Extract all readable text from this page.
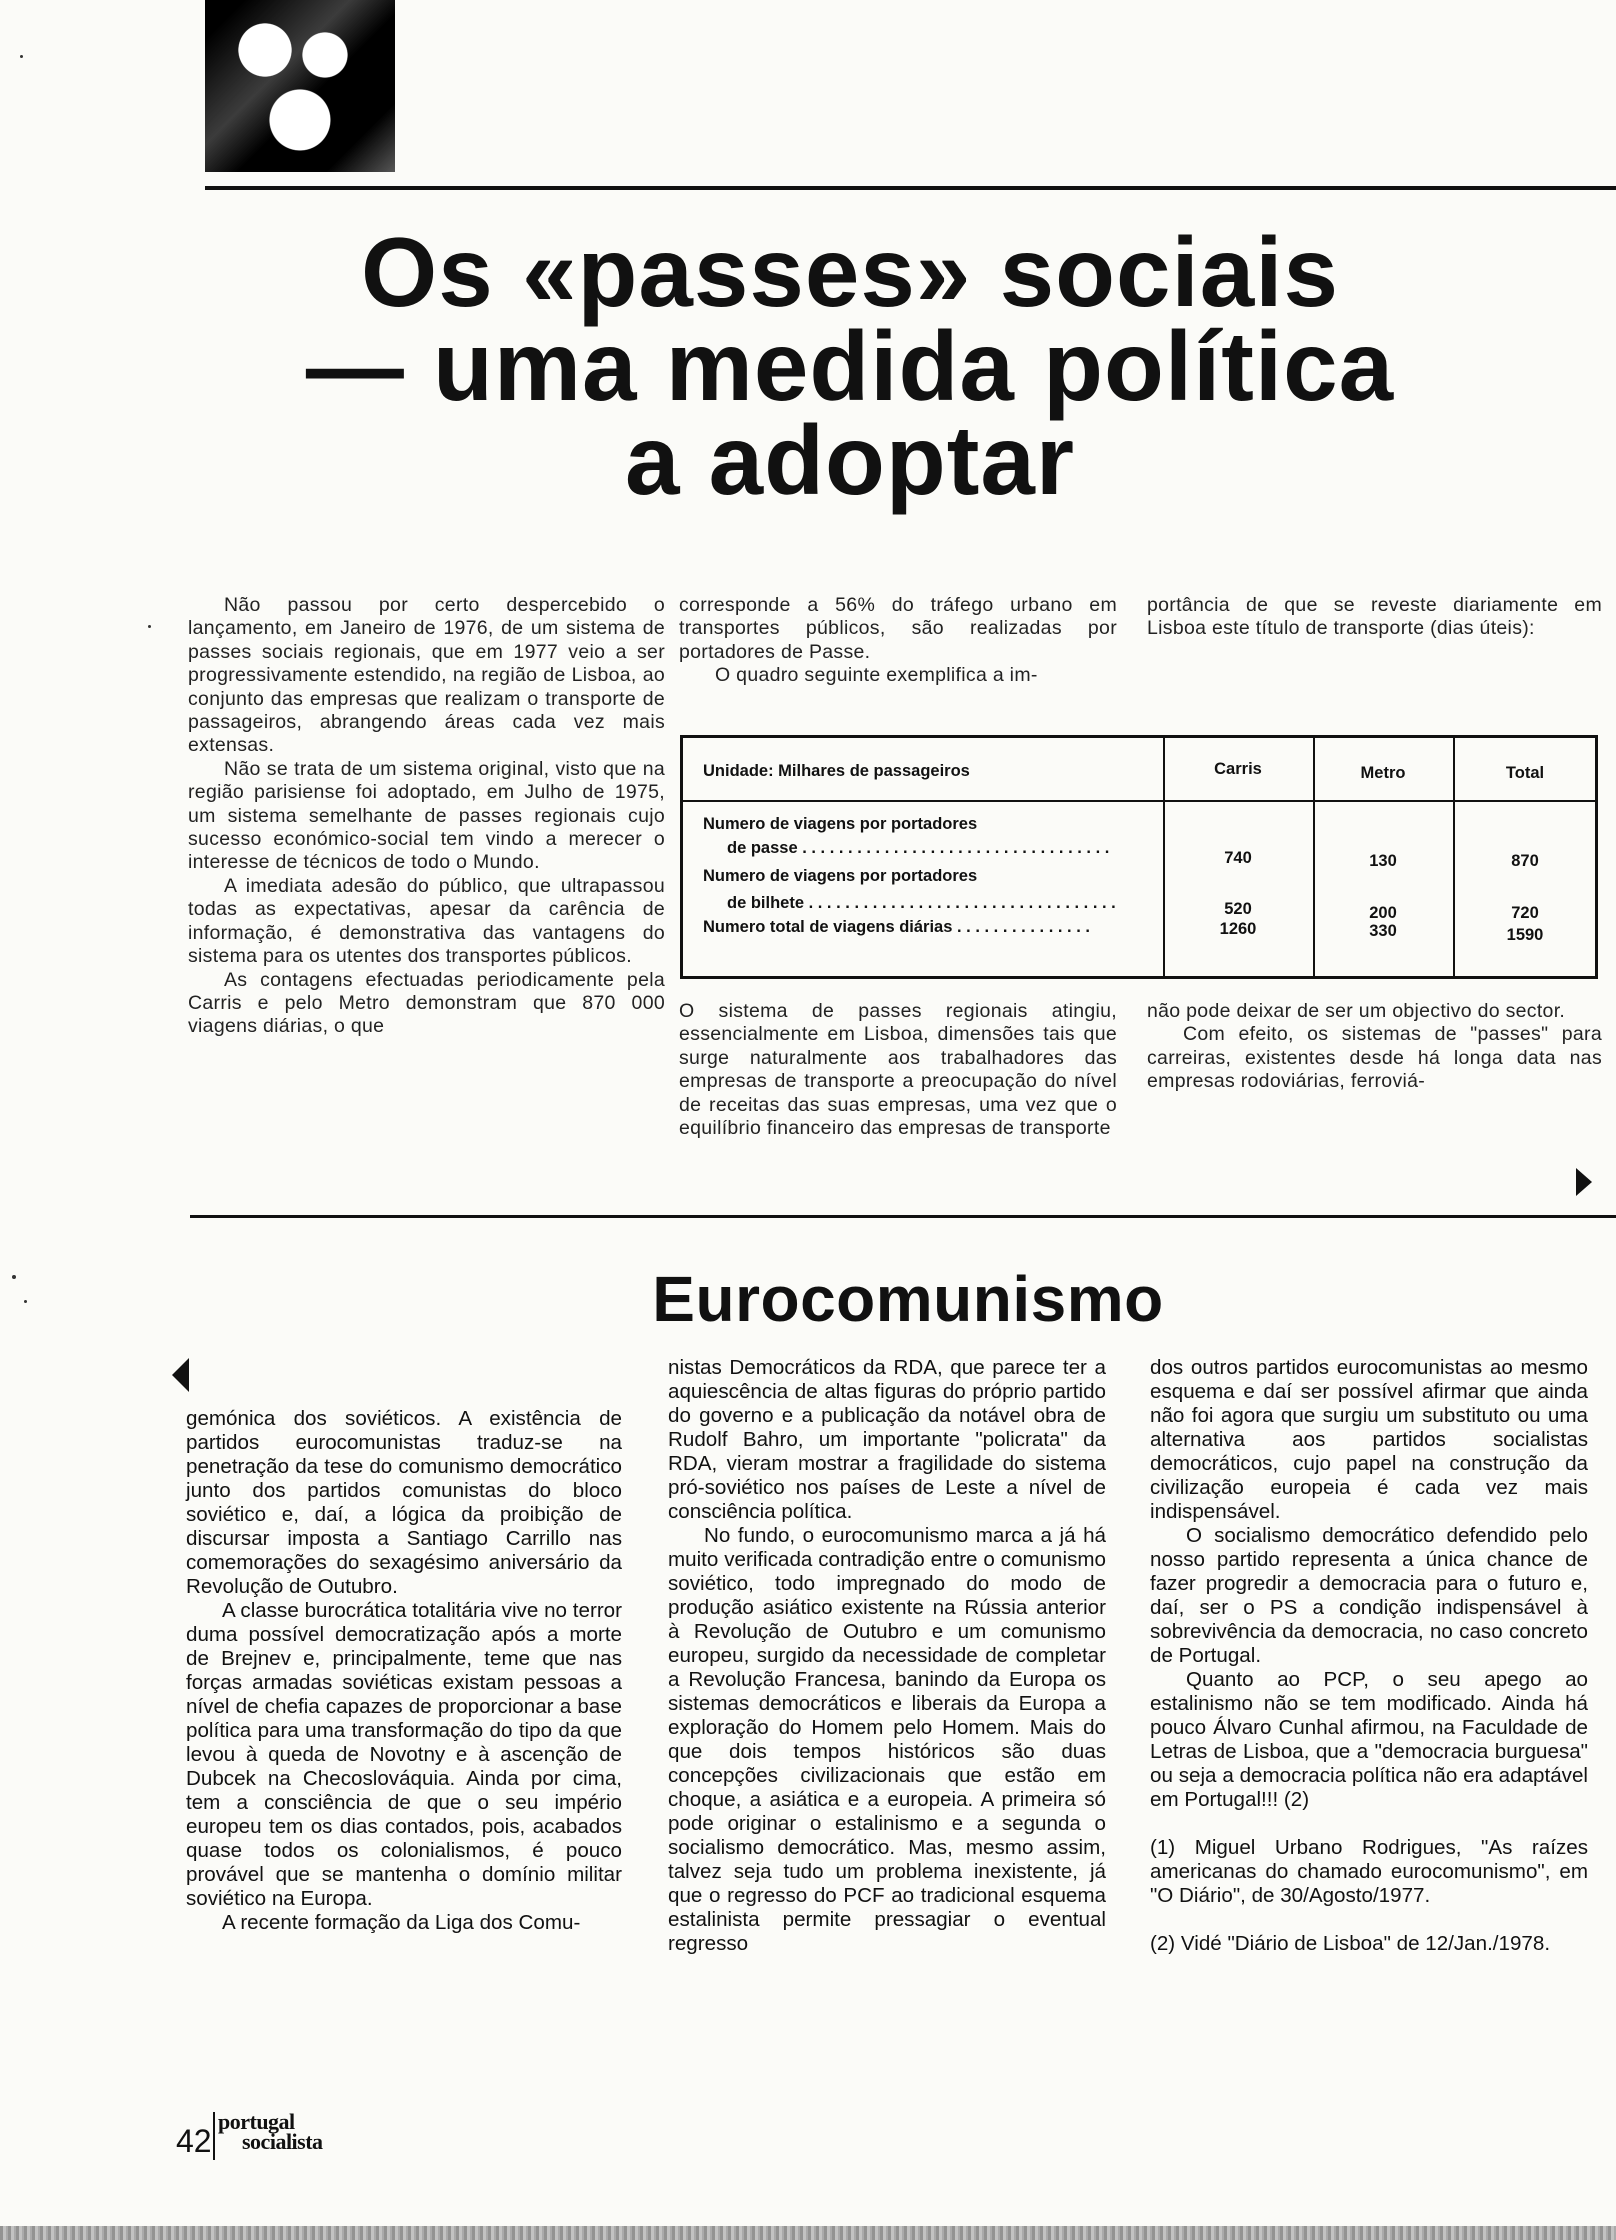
Os «passes» sociais
— uma medida política
a adoptar

Não passou por certo despercebido o lançamento, em Janeiro de 1976, de um sistema de passes sociais regionais, que em 1977 veio a ser progressivamente estendido, na região de Lisboa, ao conjunto das empresas que realizam o transporte de passageiros, abrangendo áreas cada vez mais extensas.

Não se trata de um sistema original, visto que na região parisiense foi adoptado, em Julho de 1975, um sistema semelhante de passes regionais cujo sucesso económico-social tem vindo a merecer o interesse de técnicos de todo o Mundo.

A imediata adesão do público, que ultrapassou todas as expectativas, apesar da carência de informação, é demonstrativa das vantagens do sistema para os utentes dos transportes públicos.

As contagens efectuadas periodicamente pela Carris e pelo Metro demonstram que 870 000 viagens diárias, o que

corresponde a 56% do tráfego urbano em transportes públicos, são realizadas por portadores de Passe.

O quadro seguinte exemplifica a im-

portância de que se reveste diariamente em Lisboa este título de transporte (dias úteis):

Unidade: Milhares de passageiros	Carris	Metro	Total
Numero de viagens por portadores
de passe . . . . . . . . . . . . . . . . . . . . . . . . . . . . . . . . . .
740	130	870
Numero de viagens por portadores
de bilhete . . . . . . . . . . . . . . . . . . . . . . . . . . . . . . . . . .	520	200	720
Numero total de viagens diárias . . . . . . . . . . . . . . .	1260	330	1590

O sistema de passes regionais atingiu, essencialmente em Lisboa, dimensões tais que surge naturalmente aos trabalhadores das empresas de transporte a preocupação do nível de receitas das suas empresas, uma vez que o equilíbrio financeiro das empresas de transporte

não pode deixar de ser um objectivo do sector.

Com efeito, os sistemas de "passes" para carreiras, existentes desde há longa data nas empresas rodoviárias, ferroviá-

Eurocomunismo

gemónica dos soviéticos. A existência de partidos eurocomunistas traduz-se na penetração da tese do comunismo democrático junto dos partidos comunistas do bloco soviético e, daí, a lógica da proibição de discursar imposta a Santiago Carrillo nas comemorações do sexagésimo aniversário da Revolução de Outubro.

A classe burocrática totalitária vive no terror duma possível democratização após a morte de Brejnev e, principalmente, teme que nas forças armadas soviéticas existam pessoas a nível de chefia capazes de proporcionar a base política para uma transformação do tipo da que levou à queda de Novotny e à ascenção de Dubcek na Checoslováquia. Ainda por cima, tem a consciência de que o seu império europeu tem os dias contados, pois, acabados quase todos os colonialismos, é pouco provável que se mantenha o domínio militar soviético na Europa.

A recente formação da Liga dos Comu-

nistas Democráticos da RDA, que parece ter a aquiescência de altas figuras do próprio partido do governo e a publicação da notável obra de Rudolf Bahro, um importante "policrata" da RDA, vieram mostrar a fragilidade do sistema pró-soviético nos países de Leste a nível de consciência política.

No fundo, o eurocomunismo marca a já há muito verificada contradição entre o comunismo soviético, todo impregnado do modo de produção asiático existente na Rússia anterior à Revolução de Outubro e um comunismo europeu, surgido da necessidade de completar a Revolução Francesa, banindo da Europa os sistemas democráticos e liberais da Europa a exploração do Homem pelo Homem. Mais do que dois tempos históricos são duas concepções civilizacionais que estão em choque, a asiática e a europeia. A primeira só pode originar o estalinismo e a segunda o socialismo democrático. Mas, mesmo assim, talvez seja tudo um problema inexistente, já que o regresso do PCF ao tradicional esquema estalinista permite pressagiar o eventual regresso

dos outros partidos eurocomunistas ao mesmo esquema e daí ser possível afirmar que ainda não foi agora que surgiu um substituto ou uma alternativa aos partidos socialistas democráticos, cujo papel na construção da civilização europeia é cada vez mais indispensável.

O socialismo democrático defendido pelo nosso partido representa a única chance de fazer progredir a democracia para o futuro e, daí, ser o PS a condição indispensável à sobrevivência da democracia, no caso concreto de Portugal.

Quanto ao PCP, o seu apego ao estalinismo não se tem modificado. Ainda há pouco Álvaro Cunhal afirmou, na Faculdade de Letras de Lisboa, que a "democracia burguesa" ou seja a democracia política não era adaptável em Portugal!!! (2)

(1) Miguel Urbano Rodrigues, "As raízes americanas do chamado eurocomunismo", em "O Diário", de 30/Agosto/1977.

(2) Vidé "Diário de Lisboa" de 12/Jan./1978.

42
portugal
socialista
